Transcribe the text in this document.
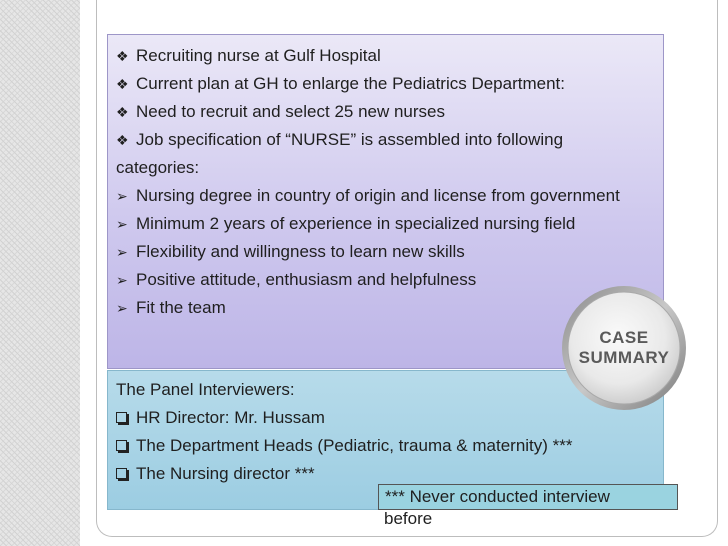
❖ Recruiting nurse at Gulf Hospital
❖ Current plan at GH to enlarge the Pediatrics Department:
❖ Need to recruit and select 25 new nurses
❖ Job specification of “NURSE” is assembled into following
categories:
➢ Nursing degree in country of origin and license from government
➢ Minimum 2 years of experience in specialized nursing field
➢ Flexibility and willingness to learn new skills
➢ Positive attitude, enthusiasm and helpfulness
➢ Fit the team
The Panel Interviewers:
HR Director: Mr. Hussam
The Department Heads (Pediatric, trauma & maternity) ***
The Nursing director ***
*** Never conducted interview
before
CASE
SUMMARY
